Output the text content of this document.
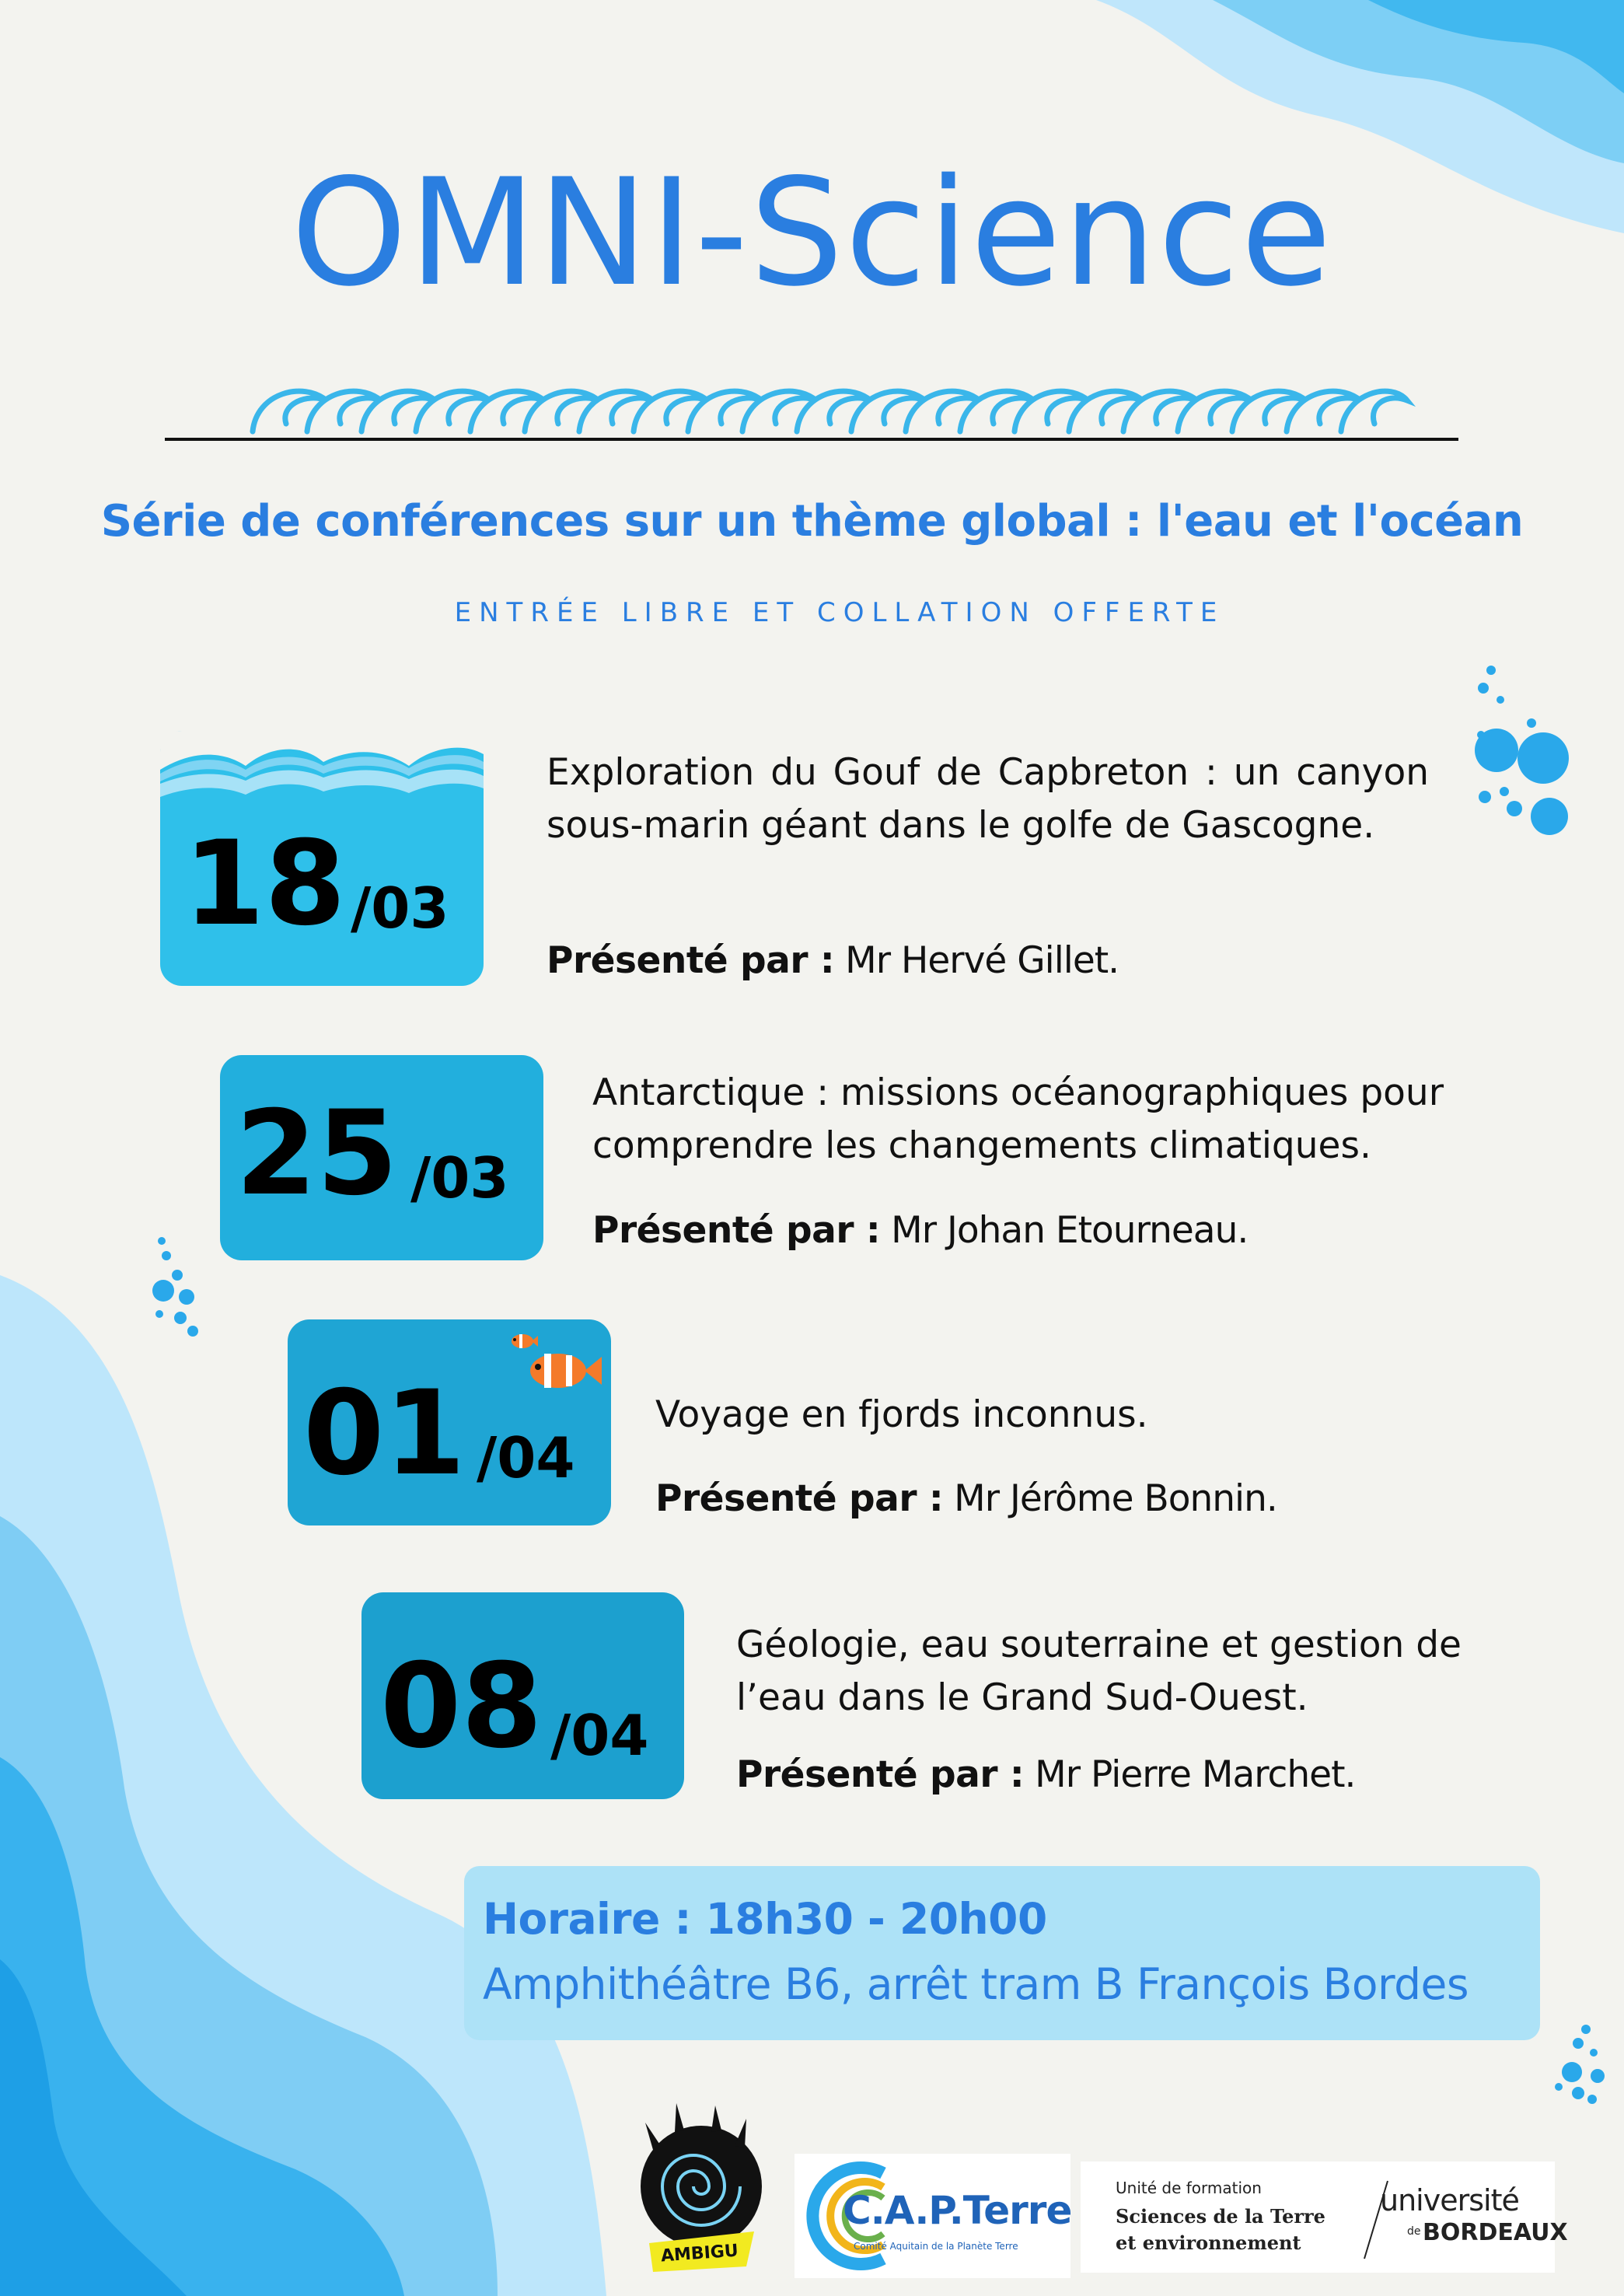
OMNI-Science
Série de conférences sur un thème global : l'eau et l'océan
ENTRÉE LIBRE ET COLLATION OFFERTE
18 /03
Exploration du Gouf de Capbreton : un canyon sous-marin géant dans le golfe de Gascogne.
Présenté par : Mr Hervé Gillet.
25 /03
Antarctique : missions océanographiques pour comprendre les changements climatiques.
Présenté par : Mr Johan Etourneau.
01 /04
Voyage en fjords inconnus.
Présenté par : Mr Jérôme Bonnin.
08 /04
Géologie, eau souterraine et gestion de l’eau dans le Grand Sud-Ouest.
Présenté par : Mr Pierre Marchet.
Horaire : 18h30 - 20h00
Amphithéâtre B6, arrêt tram B François Bordes
AMBIGU
C.A.P.Terre
Comité Aquitain de la Planète Terre
Unité de formation
Sciences de la Terre
et environnement
université
de BORDEAUX
